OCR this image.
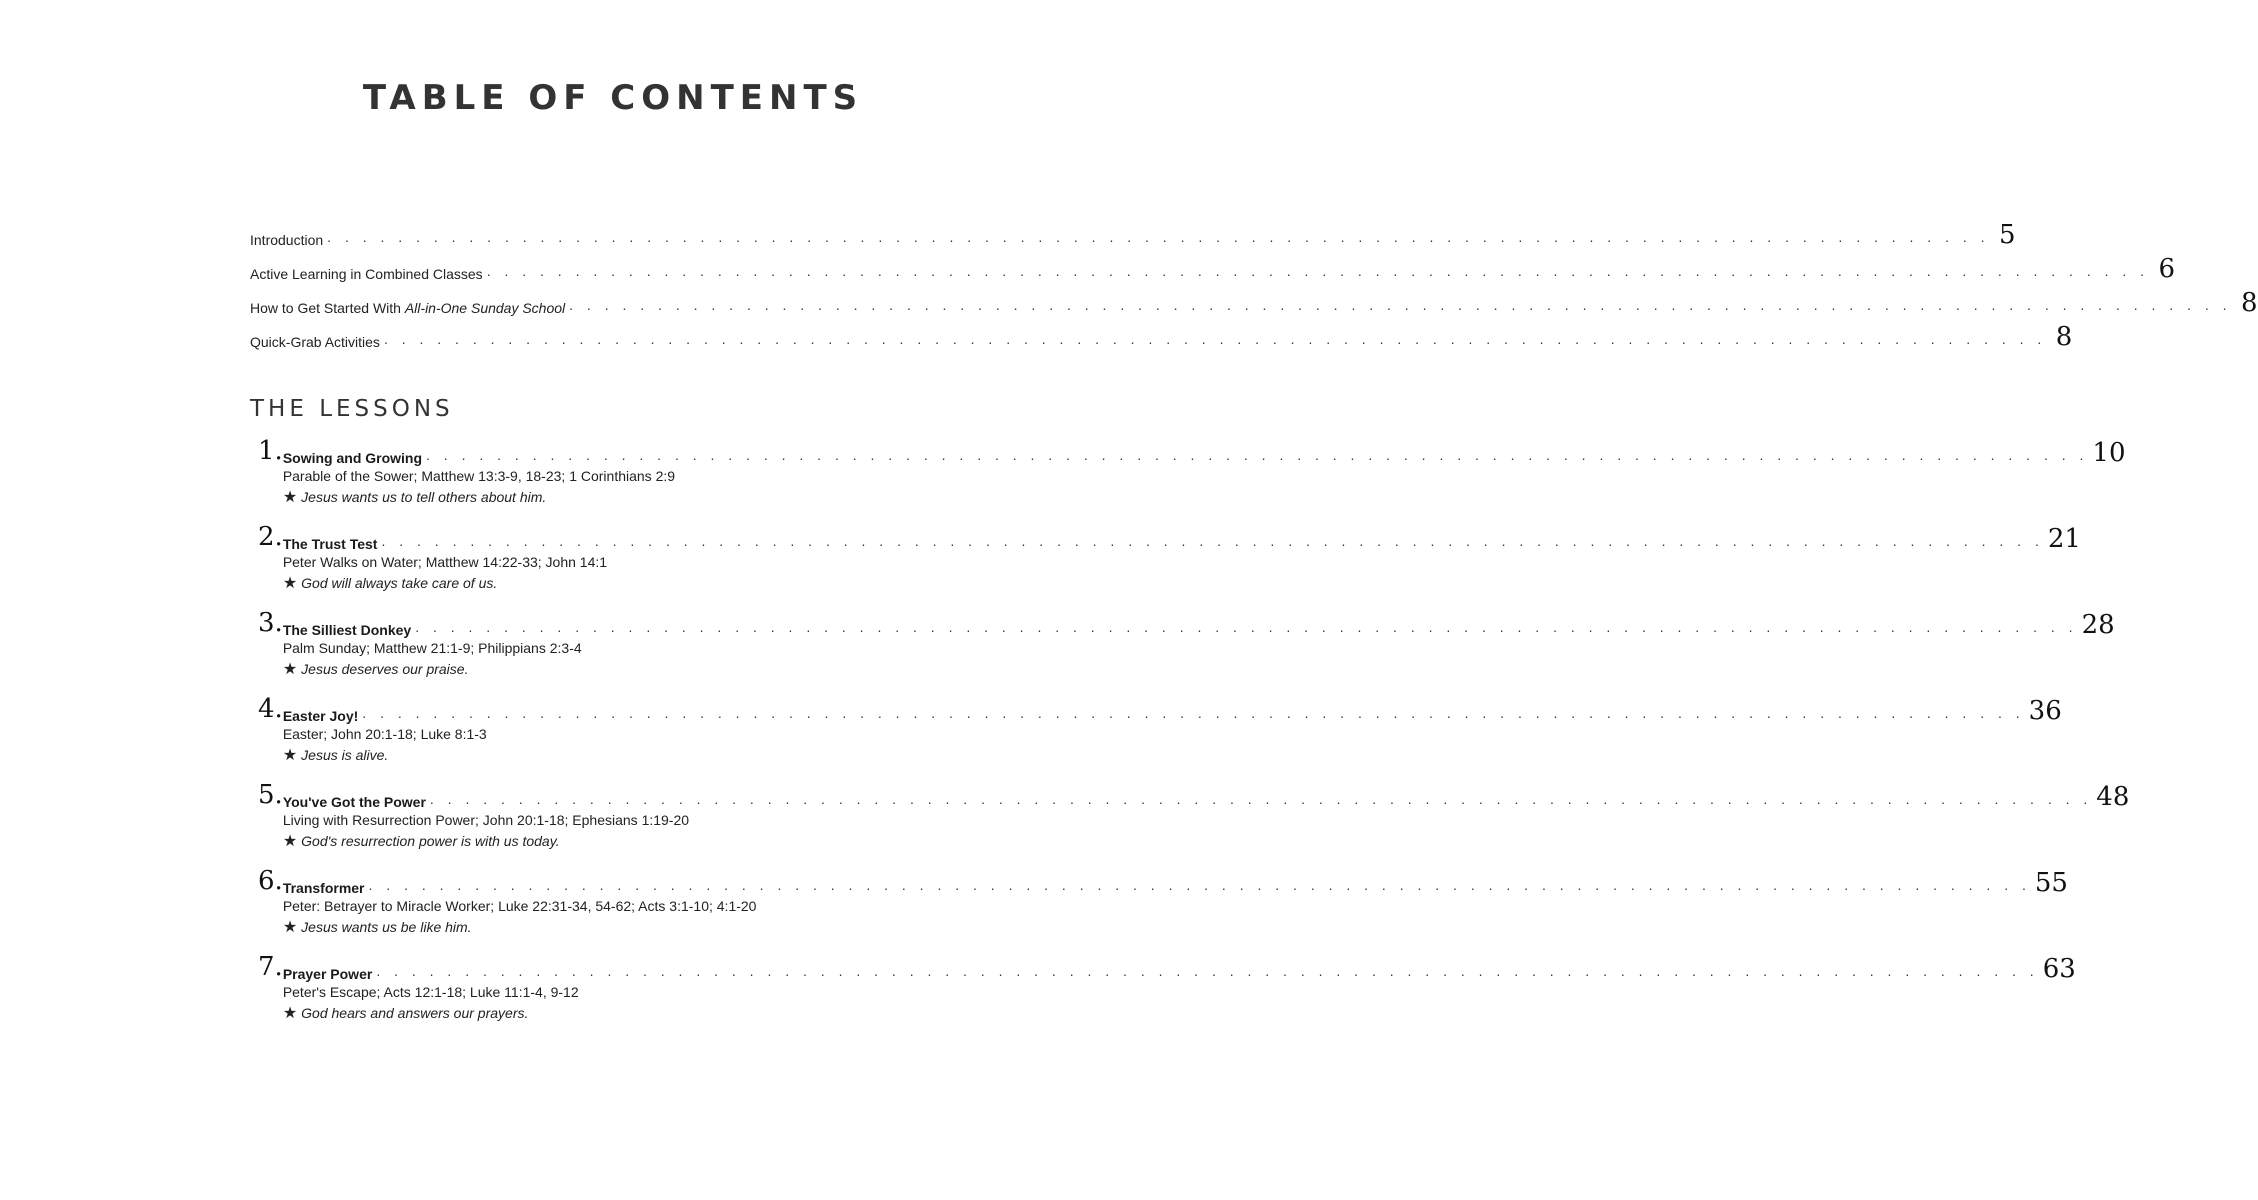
TABLE OF CONTENTS
Introduction . . .	5
Active Learning in Combined Classes . . .	6
How to Get Started With All-in-One Sunday School . . .	8
Quick-Grab Activities . . .	8
THE LESSONS
1. Sowing and Growing . . .	10
Parable of the Sower; Matthew 13:3-9, 18-23; 1 Corinthians 2:9
★ Jesus wants us to tell others about him.
2. The Trust Test . . .	21
Peter Walks on Water; Matthew 14:22-33; John 14:1
★ God will always take care of us.
3. The Silliest Donkey . . .	28
Palm Sunday; Matthew 21:1-9; Philippians 2:3-4
★ Jesus deserves our praise.
4. Easter Joy! . . .	36
Easter; John 20:1-18; Luke 8:1-3
★ Jesus is alive.
5. You've Got the Power . . .	48
Living with Resurrection Power; John 20:1-18; Ephesians 1:19-20
★ God's resurrection power is with us today.
6. Transformer . . .	55
Peter: Betrayer to Miracle Worker; Luke 22:31-34, 54-62; Acts 3:1-10; 4:1-20
★ Jesus wants us be like him.
7. Prayer Power . . .	63
Peter's Escape; Acts 12:1-18; Luke 11:1-4, 9-12
★ God hears and answers our prayers.
